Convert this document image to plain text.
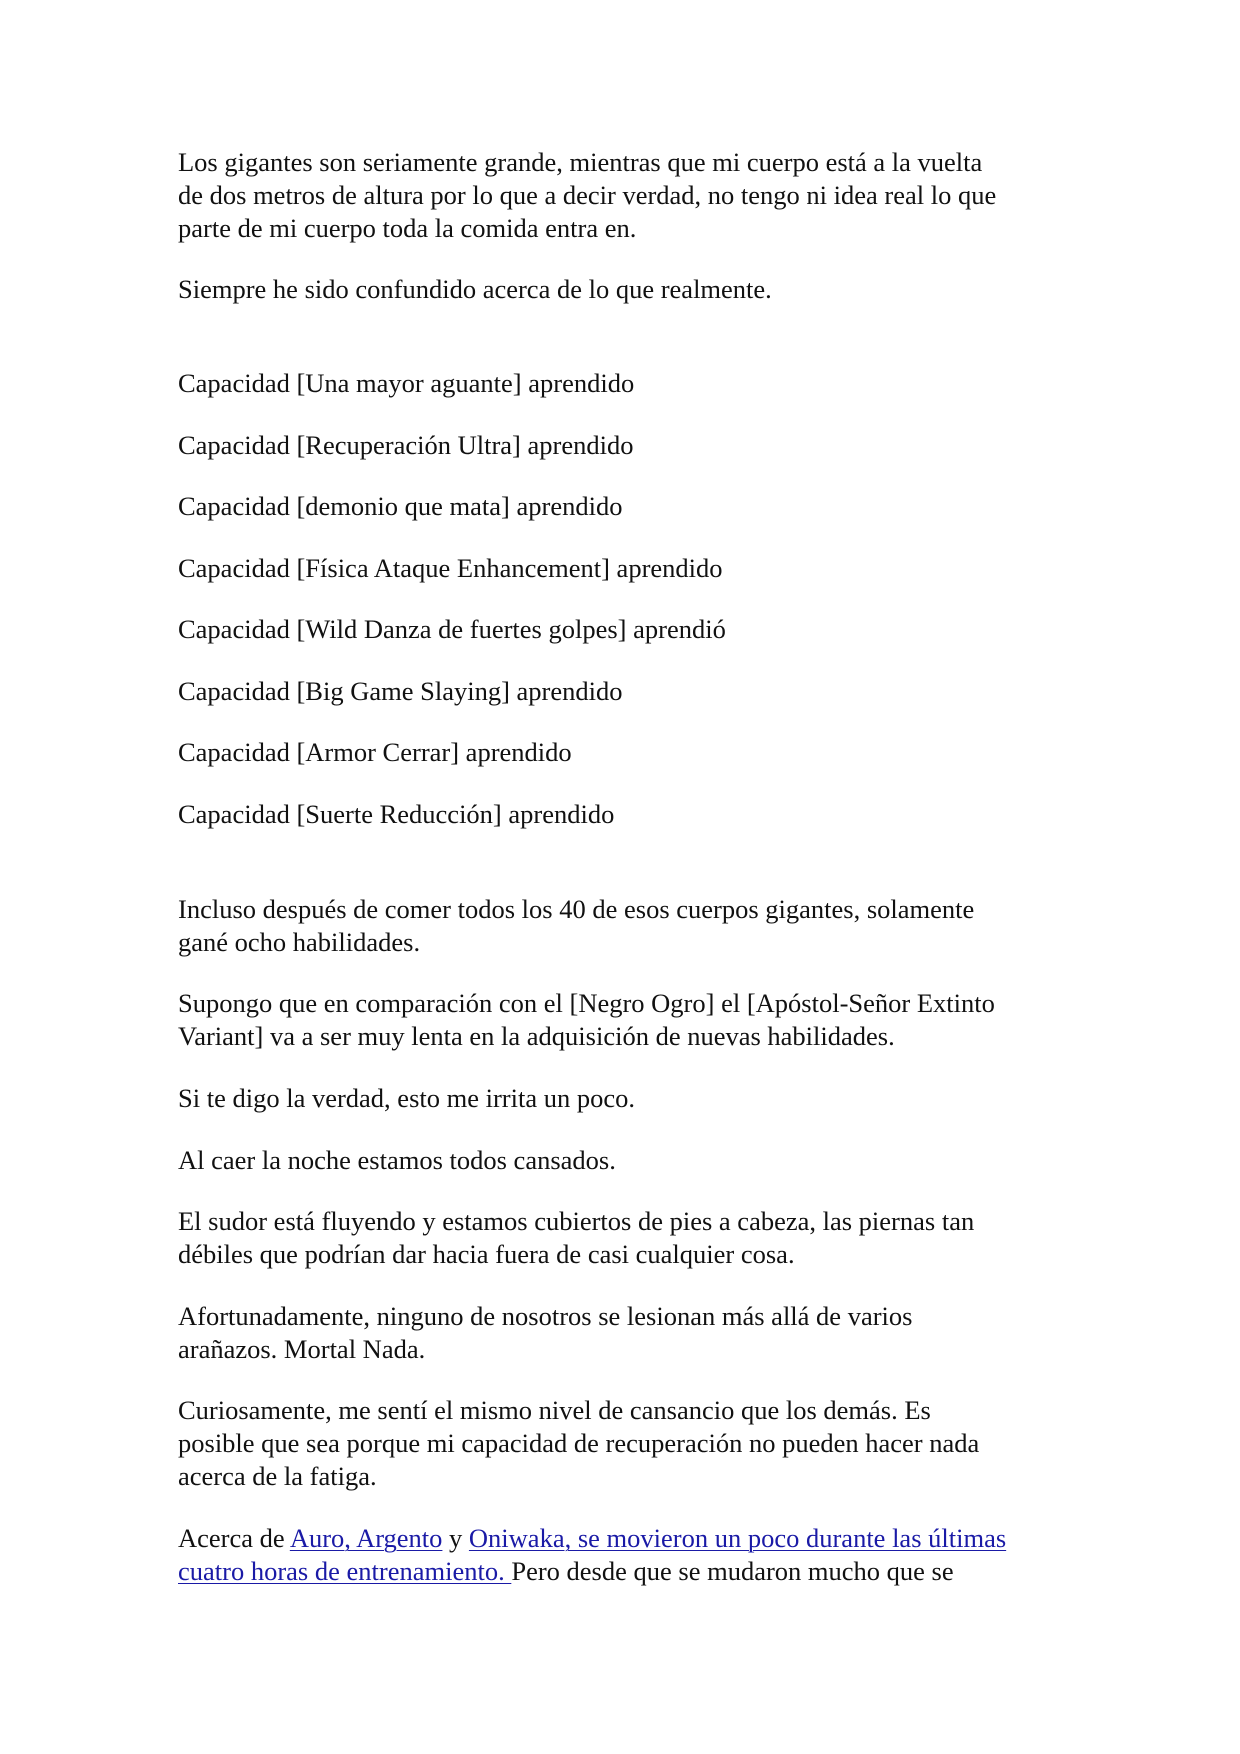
Los gigantes son seriamente grande, mientras que mi cuerpo está a la vuelta
de dos metros de altura por lo que a decir verdad, no tengo ni idea real lo que
parte de mi cuerpo toda la comida entra en.
Siempre he sido confundido acerca de lo que realmente.
Capacidad [Una mayor aguante] aprendido
Capacidad [Recuperación Ultra] aprendido
Capacidad [demonio que mata] aprendido
Capacidad [Física Ataque Enhancement] aprendido
Capacidad [Wild Danza de fuertes golpes] aprendió
Capacidad [Big Game Slaying] aprendido
Capacidad [Armor Cerrar] aprendido
Capacidad [Suerte Reducción] aprendido
Incluso después de comer todos los 40 de esos cuerpos gigantes, solamente
gané ocho habilidades.
Supongo que en comparación con el [Negro Ogro] el [Apóstol-Señor Extinto
Variant] va a ser muy lenta en la adquisición de nuevas habilidades.
Si te digo la verdad, esto me irrita un poco.
Al caer la noche estamos todos cansados.
El sudor está fluyendo y estamos cubiertos de pies a cabeza, las piernas tan
débiles que podrían dar hacia fuera de casi cualquier cosa.
Afortunadamente, ninguno de nosotros se lesionan más allá de varios
arañazos. Mortal Nada.
Curiosamente, me sentí el mismo nivel de cansancio que los demás. Es
posible que sea porque mi capacidad de recuperación no pueden hacer nada
acerca de la fatiga.
Acerca de Auro, Argento y Oniwaka, se movieron un poco durante las últimas
cuatro horas de entrenamiento. Pero desde que se mudaron mucho que se
